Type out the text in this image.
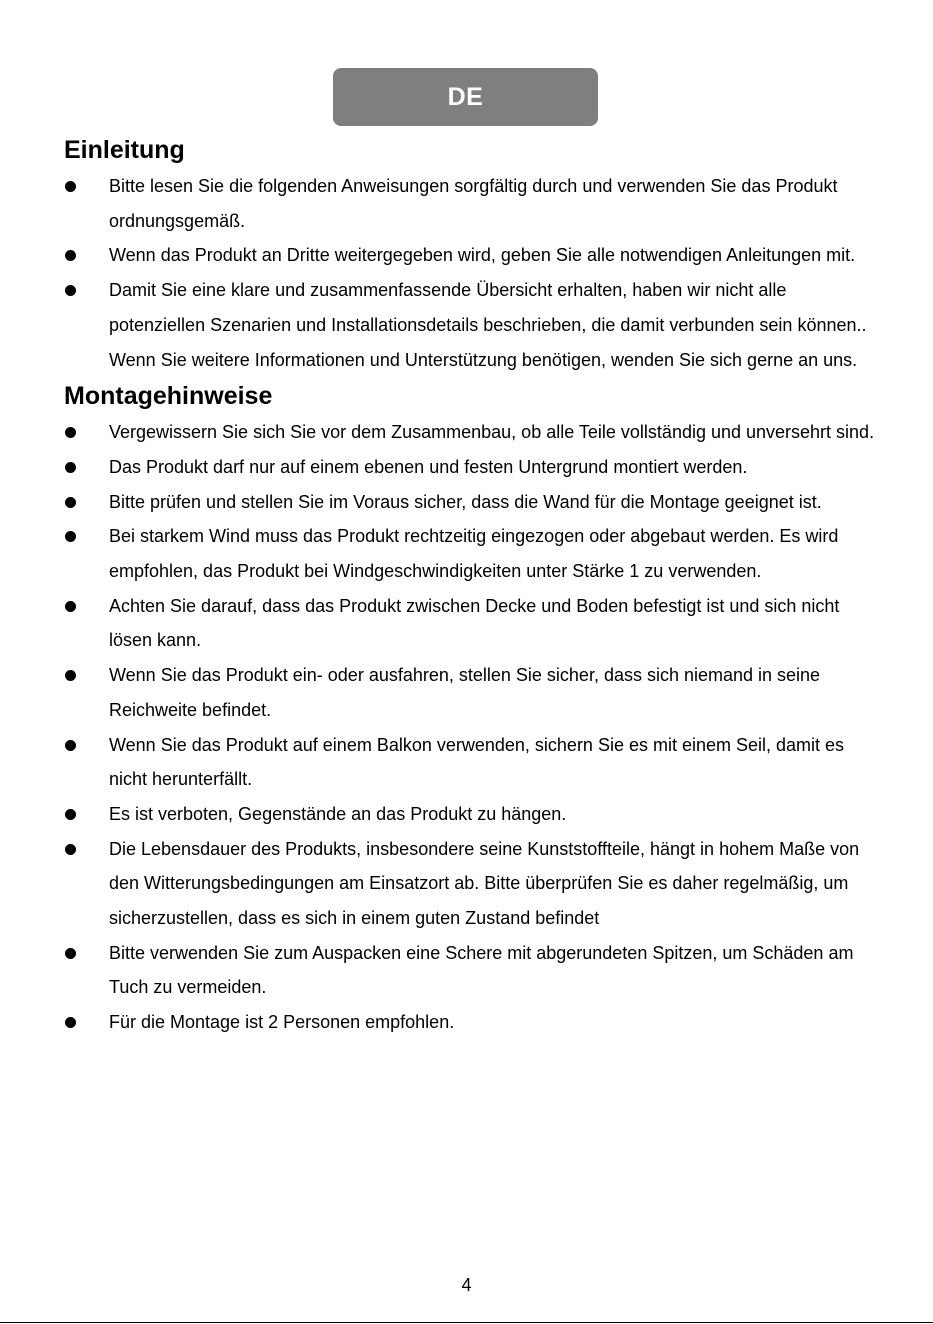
DE
Einleitung
Bitte lesen Sie die folgenden Anweisungen sorgfältig durch und verwenden Sie das Produkt ordnungsgemäß.
Wenn das Produkt an Dritte weitergegeben wird, geben Sie alle notwendigen Anleitungen mit.
Damit Sie eine klare und zusammenfassende Übersicht erhalten, haben wir nicht alle potenziellen Szenarien und Installationsdetails beschrieben, die damit verbunden sein können.. Wenn Sie weitere Informationen und Unterstützung benötigen, wenden Sie sich gerne an uns.
Montagehinweise
Vergewissern Sie sich Sie vor dem Zusammenbau, ob alle Teile vollständig und unversehrt sind.
Das Produkt darf nur auf einem ebenen und festen Untergrund montiert werden.
Bitte prüfen und stellen Sie im Voraus sicher, dass die Wand für die Montage geeignet ist.
Bei starkem Wind muss das Produkt rechtzeitig eingezogen oder abgebaut werden. Es wird empfohlen, das Produkt bei Windgeschwindigkeiten unter Stärke 1 zu verwenden.
Achten Sie darauf, dass das Produkt zwischen Decke und Boden befestigt ist und sich nicht lösen kann.
Wenn Sie das Produkt ein- oder ausfahren, stellen Sie sicher, dass sich niemand in seine Reichweite befindet.
Wenn Sie das Produkt auf einem Balkon verwenden, sichern Sie es mit einem Seil, damit es nicht herunterfällt.
Es ist verboten, Gegenstände an das Produkt zu hängen.
Die Lebensdauer des Produkts, insbesondere seine Kunststoffteile, hängt in hohem Maße von den Witterungsbedingungen am Einsatzort ab. Bitte überprüfen Sie es daher regelmäßig, um sicherzustellen, dass es sich in einem guten Zustand befindet
Bitte verwenden Sie zum Auspacken eine Schere mit abgerundeten Spitzen, um Schäden am Tuch zu vermeiden.
Für die Montage ist 2 Personen empfohlen.
4
